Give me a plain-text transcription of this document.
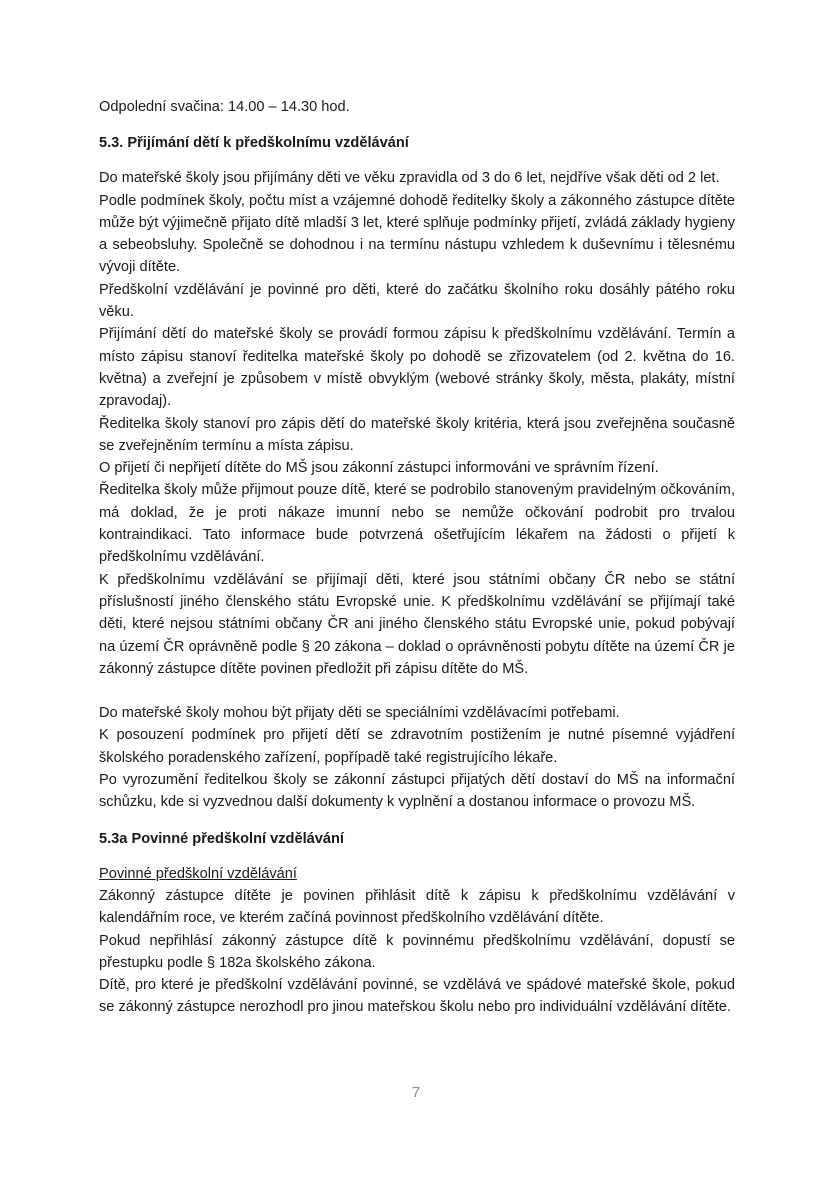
Odpolední svačina: 14.00 – 14.30 hod.

5.3. Přijímání dětí k předškolnímu vzdělávání

Do mateřské školy jsou přijímány děti ve věku zpravidla od 3 do 6 let, nejdříve však děti od 2 let.

Podle podmínek školy, počtu míst a vzájemné dohodě ředitelky školy a zákonného zástupce dítěte může být výjimečně přijato dítě mladší 3 let, které splňuje podmínky přijetí, zvládá základy hygieny a sebeobsluhy. Společně se dohodnou i na termínu nástupu vzhledem k duševnímu i tělesnému vývoji dítěte.

Předškolní vzdělávání je povinné pro děti, které do začátku školního roku dosáhly pátého roku věku.

Přijímání dětí do mateřské školy se provádí formou zápisu k předškolnímu vzdělávání. Termín a místo zápisu stanoví ředitelka mateřské školy po dohodě se zřizovatelem (od 2. května do 16. května) a zveřejní je způsobem v místě obvyklým (webové stránky školy, města, plakáty, místní zpravodaj).

Ředitelka školy stanoví pro zápis dětí do mateřské školy kritéria, která jsou zveřejněna současně se zveřejněním termínu a místa zápisu.

O přijetí či nepřijetí dítěte do MŠ jsou zákonní zástupci informováni ve správním řízení.

Ředitelka školy může přijmout pouze dítě, které se podrobilo stanoveným pravidelným očkováním, má doklad, že je proti nákaze imunní nebo se nemůže očkování podrobit pro trvalou kontraindikaci. Tato informace bude potvrzená ošetřujícím lékařem na žádosti o přijetí k předškolnímu vzdělávání.

K předškolnímu vzdělávání se přijímají děti, které jsou státními občany ČR nebo se státní příslušností jiného členského státu Evropské unie. K předškolnímu vzdělávání se přijímají také děti, které nejsou státními občany ČR ani jiného členského státu Evropské unie, pokud pobývají na území ČR oprávněně podle § 20 zákona – doklad o oprávněnosti pobytu dítěte na území ČR je zákonný zástupce dítěte povinen předložit při zápisu dítěte do MŠ.

Do mateřské školy mohou být přijaty děti se speciálními vzdělávacími potřebami.

K posouzení podmínek pro přijetí dětí se zdravotním postižením je nutné písemné vyjádření školského poradenského zařízení, popřípadě také registrujícího lékaře.

Po vyrozumění ředitelkou školy se zákonní zástupci přijatých dětí dostaví do MŠ na informační schůzku, kde si vyzvednou další dokumenty k vyplnění a dostanou informace o provozu MŠ.

5.3a Povinné předškolní vzdělávání

Povinné předškolní vzdělávání

Zákonný zástupce dítěte je povinen přihlásit dítě k zápisu k předškolnímu vzdělávání v kalendářním roce, ve kterém začíná povinnost předškolního vzdělávání dítěte.

Pokud nepřihlásí zákonný zástupce dítě k povinnému předškolnímu vzdělávání, dopustí se přestupku podle § 182a školského zákona.

Dítě, pro které je předškolní vzdělávání povinné, se vzdělává ve spádové mateřské škole, pokud se zákonný zástupce nerozhodl pro jinou mateřskou školu nebo pro individuální vzdělávání dítěte.

7
